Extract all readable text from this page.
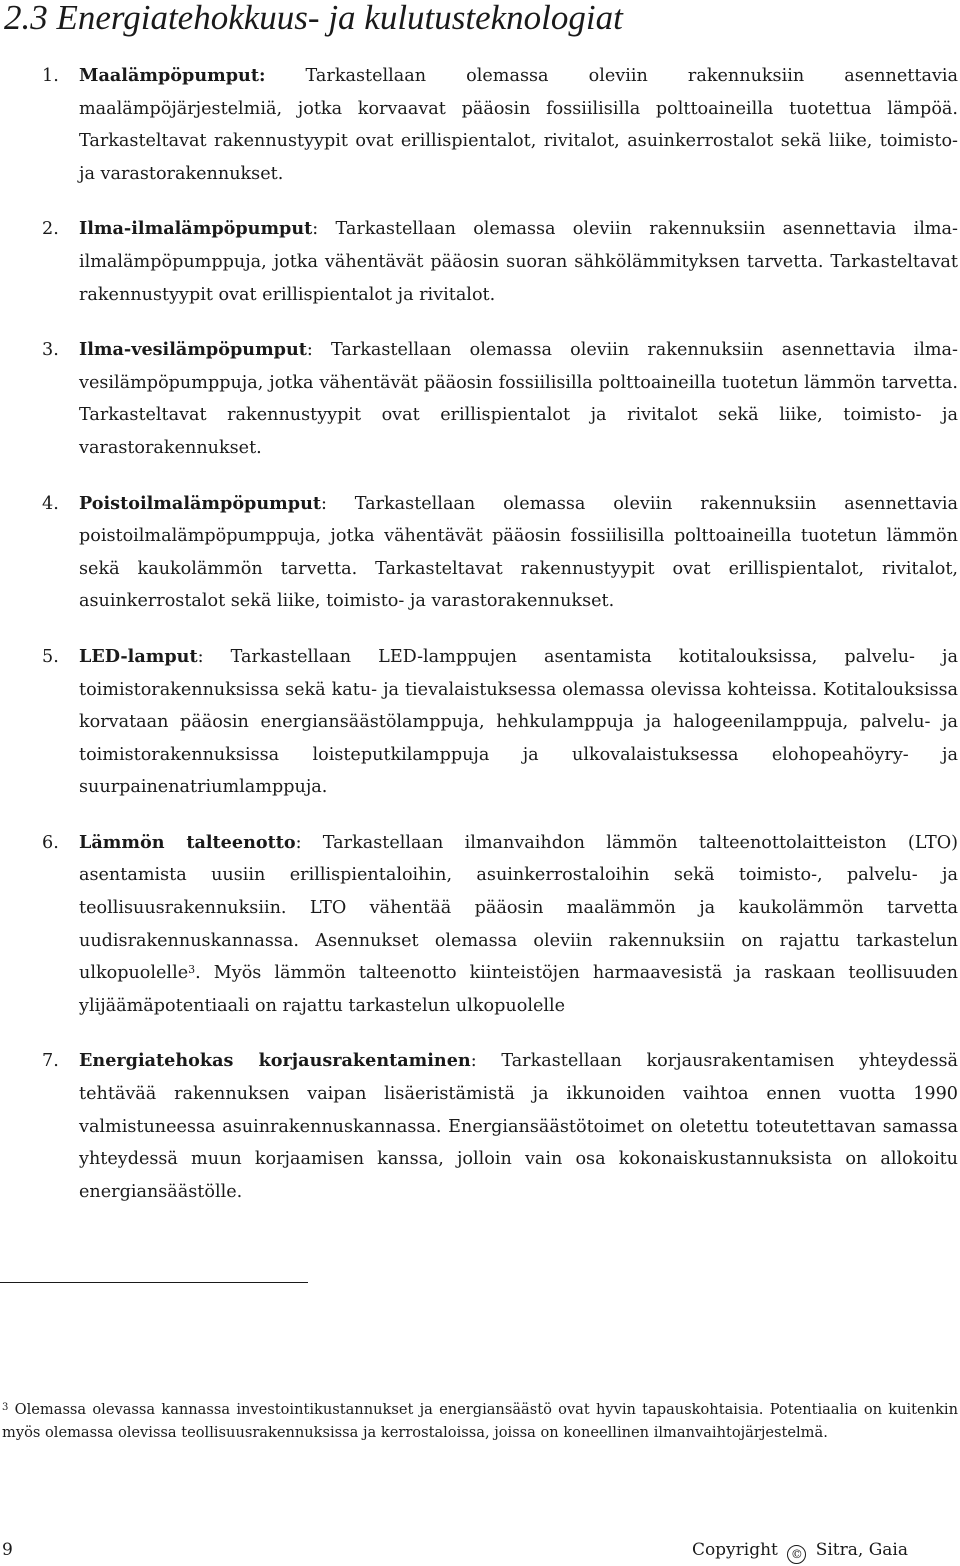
2.3 Energiatehokkuus- ja kulutusteknologiat
1. Maalämpöpumput: Tarkastellaan olemassa oleviin rakennuksiin asennettavia maalämpöjärjestelmiä, jotka korvaavat pääosin fossiilisilla polttoaineilla tuotettua lämpöä. Tarkasteltavat rakennustyypit ovat erillispientalot, rivitalot, asuinkerrostalot sekä liike, toimisto- ja varastorakennukset.
2. Ilma-ilmalämpöpumput: Tarkastellaan olemassa oleviin rakennuksiin asennettavia ilma-ilmalämpöpumppuja, jotka vähentävät pääosin suoran sähkölämmityksen tarvetta. Tarkasteltavat rakennustyypit ovat erillispientalot ja rivitalot.
3. Ilma-vesilämpöpumput: Tarkastellaan olemassa oleviin rakennuksiin asennettavia ilma-vesilämpöpumppuja, jotka vähentävät pääosin fossiilisilla polttoaineilla tuotetun lämmön tarvetta. Tarkasteltavat rakennustyypit ovat erillispientalot ja rivitalot sekä liike, toimisto- ja varastorakennukset.
4. Poistoilmalämpöpumput: Tarkastellaan olemassa oleviin rakennuksiin asennettavia poistoilmalämpöpumppuja, jotka vähentävät pääosin fossiilisilla polttoaineilla tuotetun lämmön sekä kaukolämmön tarvetta. Tarkasteltavat rakennustyypit ovat erillispientalot, rivitalot, asuinkerrostalot sekä liike, toimisto- ja varastorakennukset.
5. LED-lamput: Tarkastellaan LED-lamppujen asentamista kotitalouksissa, palvelu- ja toimistorakennuksissa sekä katu- ja tievalaistuksessa olemassa olevissa kohteissa. Kotitalouksissa korvataan pääosin energiansäästölamppuja, hehkulamppuja ja halogeenilamppuja, palvelu- ja toimistorakennuksissa loisteputkilamppuja ja ulkovalaistuksessa elohopeahöyry- ja suurpainenatriumlamppuja.
6. Lämmön talteenotto: Tarkastellaan ilmanvaihdon lämmön talteenottolaitteiston (LTO) asentamista uusiin erillispientaloihin, asuinkerrostaloihin sekä toimisto-, palvelu- ja teollisuusrakennuksiin. LTO vähentää pääosin maalämmön ja kaukolämmön tarvetta uudisrakennuskannassa. Asennukset olemassa oleviin rakennuksiin on rajattu tarkastelun ulkopuolelle$^3$. Myös lämmön talteenotto kiinteistöjen harmaavesistä ja raskaan teollisuuden ylijäämäpotentiaali on rajattu tarkastelun ulkopuolelle
7. Energiatehokas korjausrakentaminen: Tarkastellaan korjausrakentamisen yhteydessä tehtävää rakennuksen vaipan lisäeristämistä ja ikkunoiden vaihtoa ennen vuotta 1990 valmistuneessa asuinrakennuskannassa. Energiansäästötoimet on oletettu toteutettavan samassa yhteydessä muun korjaamisen kanssa, jolloin vain osa kokonaiskustannuksista on allokoitu energiansäästölle.

$^3$ Olemassa olevassa kannassa investointikustannukset ja energiansäästö ovat hyvin tapauskohtaisia. Potentiaalia on kuitenkin myös olemassa olevissa teollisuusrakennuksissa ja kerrostaloissa, joissa on koneellinen ilmanvaihtojärjestelmä.

9	Copyright © Sitra, Gaia
